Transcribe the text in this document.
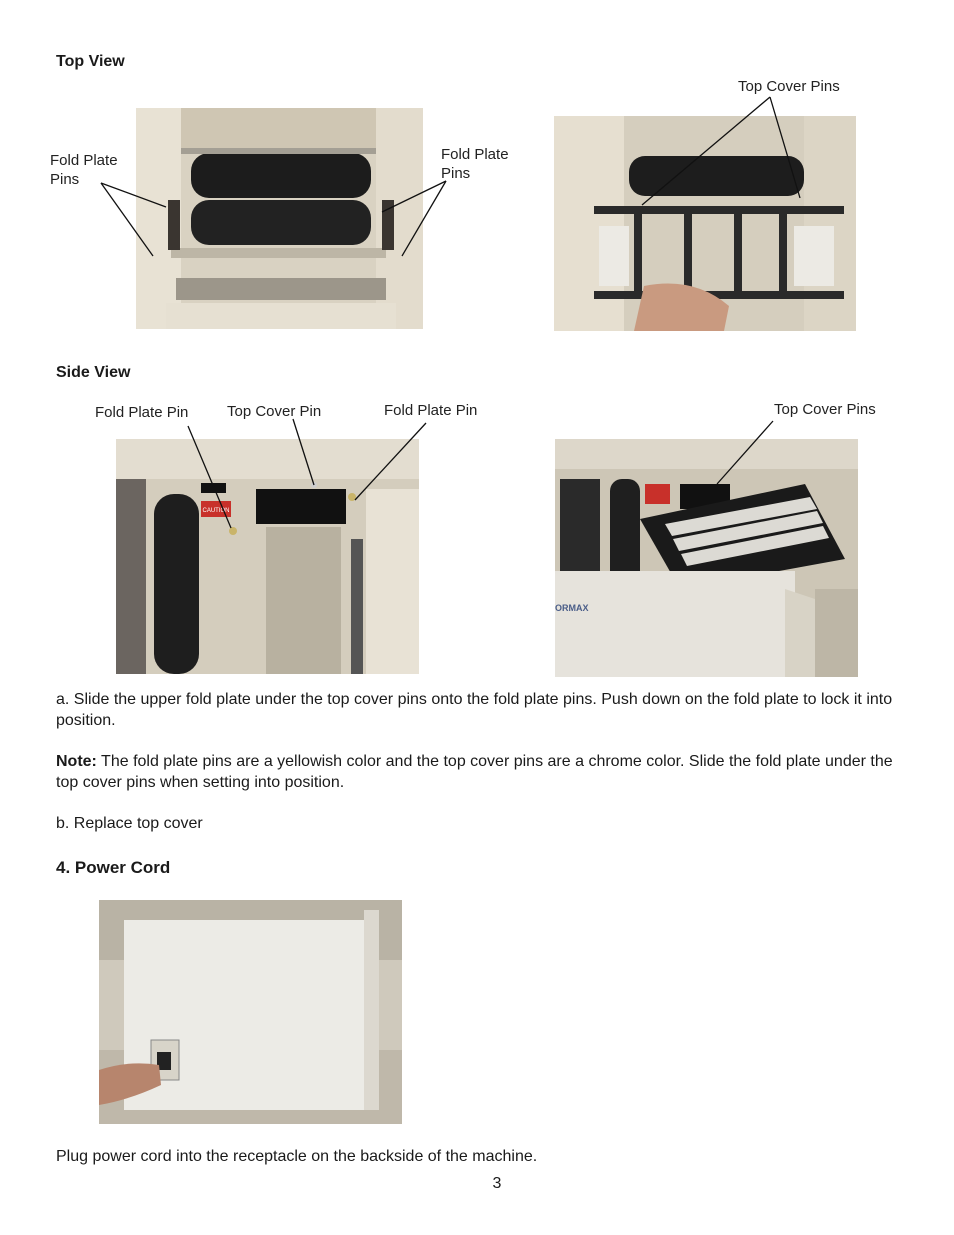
Top View
Fold Plate
Pins
Fold Plate
Pins
Top Cover Pins
Side View
Fold Plate Pin	Top Cover Pin	Fold Plate Pin	Top Cover Pins
CAUTION
ORMAX
a. Slide the upper fold plate under the top cover pins onto the fold plate pins. Push down on the fold plate to lock it into position.
Note: The fold plate pins are a yellowish color and the top cover pins are a chrome color. Slide the fold plate under the top cover pins when setting into position.
b. Replace top cover
4. Power Cord
Plug power cord into the receptacle on the backside of the machine.
3
